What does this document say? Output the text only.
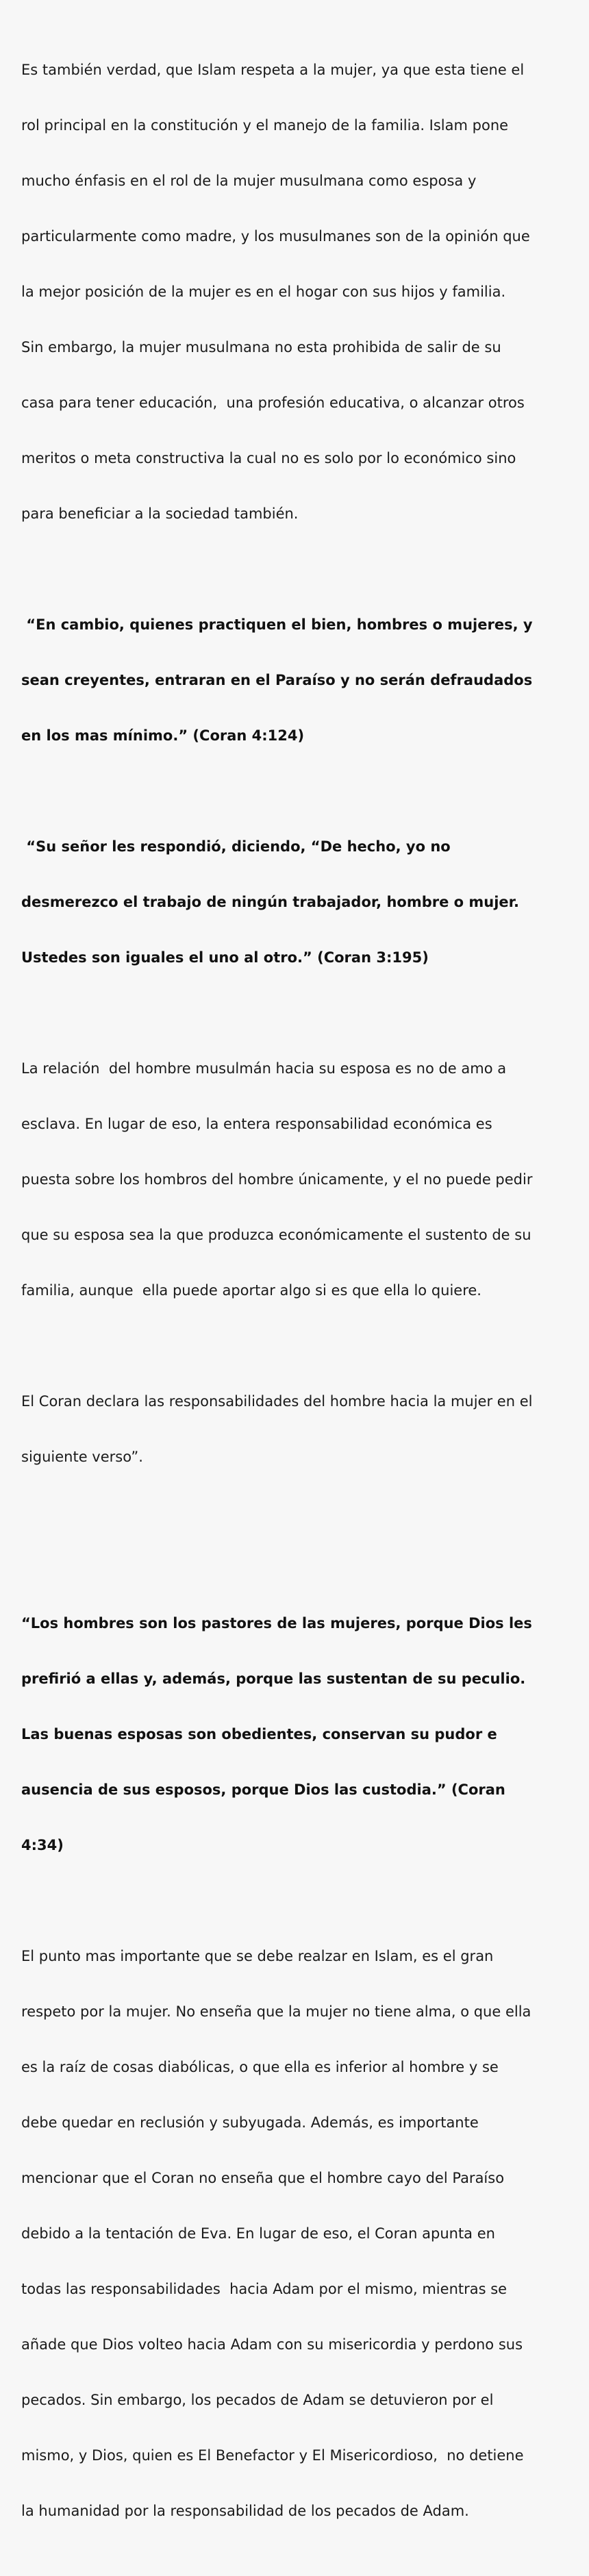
Es también verdad, que Islam respeta a la mujer, ya que esta tiene el

rol principal en la constitución y el manejo de la familia. Islam pone

mucho énfasis en el rol de la mujer musulmana como esposa y

particularmente como madre, y los musulmanes son de la opinión que

la mejor posición de la mujer es en el hogar con sus hijos y familia.

Sin embargo, la mujer musulmana no esta prohibida de salir de su

casa para tener educación,  una profesión educativa, o alcanzar otros

meritos o meta constructiva la cual no es solo por lo económico sino

para beneficiar a la sociedad también.

“En cambio, quienes practiquen el bien, hombres o mujeres, y

sean creyentes, entraran en el Paraíso y no serán defraudados

en los mas mínimo.” (Coran 4:124)

“Su señor les respondió, diciendo, “De hecho, yo no

desmerezco el trabajo de ningún trabajador, hombre o mujer.

Ustedes son iguales el uno al otro.” (Coran 3:195)

La relación  del hombre musulmán hacia su esposa es no de amo a

esclava. En lugar de eso, la entera responsabilidad económica es

puesta sobre los hombros del hombre únicamente, y el no puede pedir

que su esposa sea la que produzca económicamente el sustento de su

familia, aunque  ella puede aportar algo si es que ella lo quiere.

El Coran declara las responsabilidades del hombre hacia la mujer en el

siguiente verso”.

“Los hombres son los pastores de las mujeres, porque Dios les

prefirió a ellas y, además, porque las sustentan de su peculio.

Las buenas esposas son obedientes, conservan su pudor e

ausencia de sus esposos, porque Dios las custodia.” (Coran

4:34)

El punto mas importante que se debe realzar en Islam, es el gran

respeto por la mujer. No enseña que la mujer no tiene alma, o que ella

es la raíz de cosas diabólicas, o que ella es inferior al hombre y se

debe quedar en reclusión y subyugada. Además, es importante

mencionar que el Coran no enseña que el hombre cayo del Paraíso

debido a la tentación de Eva. En lugar de eso, el Coran apunta en

todas las responsabilidades  hacia Adam por el mismo, mientras se

añade que Dios volteo hacia Adam con su misericordia y perdono sus

pecados. Sin embargo, los pecados de Adam se detuvieron por el

mismo, y Dios, quien es El Benefactor y El Misericordioso,  no detiene

la humanidad por la responsabilidad de los pecados de Adam.
